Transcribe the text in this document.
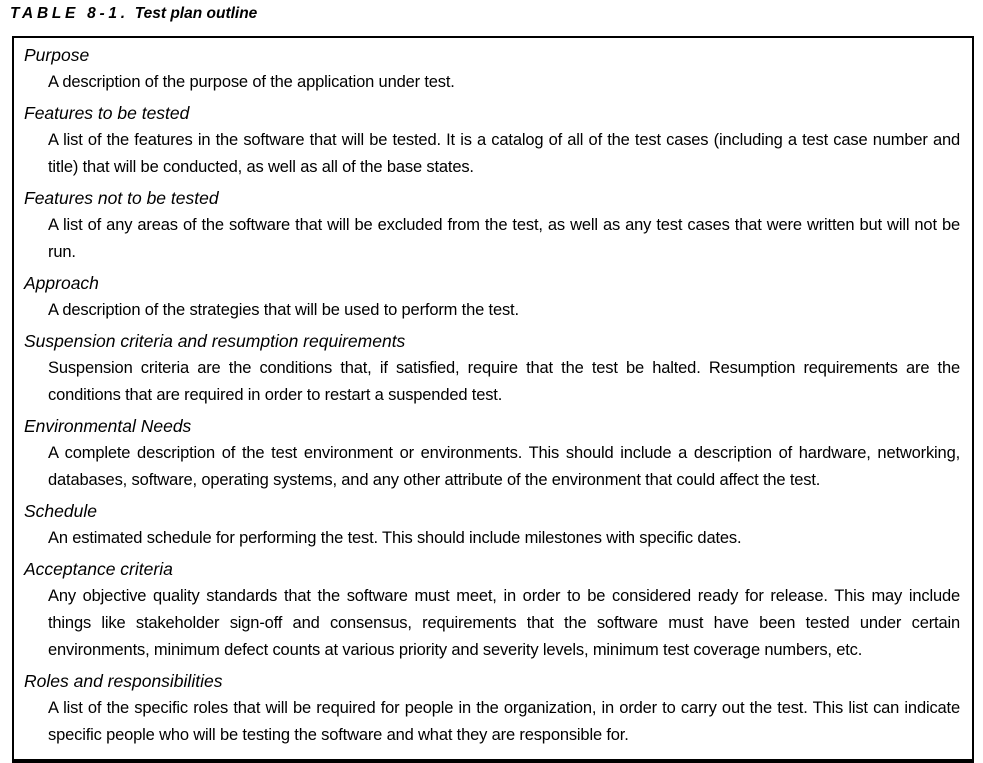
TABLE 8-1. Test plan outline
Purpose

A description of the purpose of the application under test.

Features to be tested

A list of the features in the software that will be tested. It is a catalog of all of the test cases (including a test case number and title) that will be conducted, as well as all of the base states.

Features not to be tested

A list of any areas of the software that will be excluded from the test, as well as any test cases that were written but will not be run.

Approach

A description of the strategies that will be used to perform the test.

Suspension criteria and resumption requirements

Suspension criteria are the conditions that, if satisfied, require that the test be halted. Resumption requirements are the conditions that are required in order to restart a suspended test.

Environmental Needs

A complete description of the test environment or environments. This should include a description of hardware, networking, databases, software, operating systems, and any other attribute of the environment that could affect the test.

Schedule

An estimated schedule for performing the test. This should include milestones with specific dates.

Acceptance criteria

Any objective quality standards that the software must meet, in order to be considered ready for release. This may include things like stakeholder sign-off and consensus, requirements that the software must have been tested under certain environments, minimum defect counts at various priority and severity levels, minimum test coverage numbers, etc.

Roles and responsibilities

A list of the specific roles that will be required for people in the organization, in order to carry out the test. This list can indicate specific people who will be testing the software and what they are responsible for.
